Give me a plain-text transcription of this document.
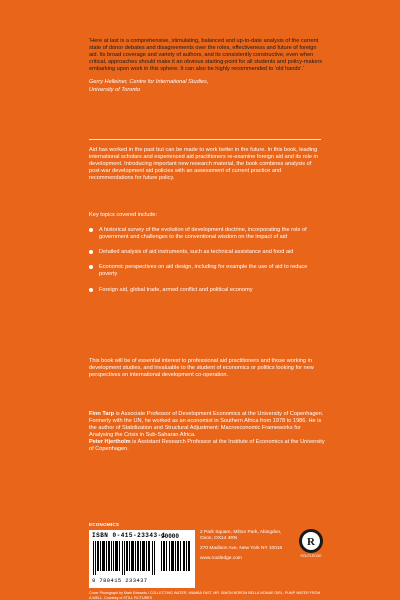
'Here at last is a comprehensive, stimulating, balanced and up-to-date analysis of the current state of donor debates and disagreements over the roles, effectiveness and future of foreign aid. Its broad coverage and variety of authors, and its consistently constructive, even when critical, approaches should make it an obvious starting-point for all students and policy-makers embarking upon work in this sphere. It can also be highly recommended to 'old hands'.'

Gerry Helleiner, Centre for International Studies,
University of Toronto

Aid has worked in the past but can be made to work better in the future. In this book, leading international scholars and experienced aid practitioners re-examine foreign aid and its role in development. Introducing important new research material, the book combines analysis of post-war development aid policies with an assessment of current practice and recommendations for future policy.

Key topics covered include:
A historical survey of the evolution of development doctrine, incorporating the role of government and challenges to the conventional wisdom on the impact of aid
Detailed analysis of aid instruments, such as technical assistance and food aid
Economic perspectives on aid design, including for example the use of aid to reduce poverty
Foreign aid, global trade, armed conflict and political economy

This book will be of essential interest to professional aid practitioners and those working in development studies, and invaluable to the student of economics or politics looking for new perspectives on international development co-operation.

Finn Tarp is Associate Professor of Development Economics at the University of Copenhagen. Formerly with the UN, he worked as an economist in Southern Africa from 1978 to 1986. He is the author of Stabilization and Structural Adjustment: Macroeconomic Frameworks for Analysing the Crisis in Sub-Saharan Africa.

Peter Hjertholm is Assistant Research Professor at the Institute of Economics at the University of Copenhagen.

ECONOMICS
ISBN 0-415-23343-1
90000
9 780415 233437

2 Park Square, Milton Park, Abingdon, Oxon, OX14 4RN

270 Madison Ave, New York NY 10016

www.routledge.com

R
ROUTLEDGE
Cover Photograph by Mark Edwards / COLLECTING WATER, WAMBA FAST, MR. SIMON BOROM BELLA NOMAE GIRL, PUMP WATER FROM A WELL. Courtesy of STILL PICTURES
